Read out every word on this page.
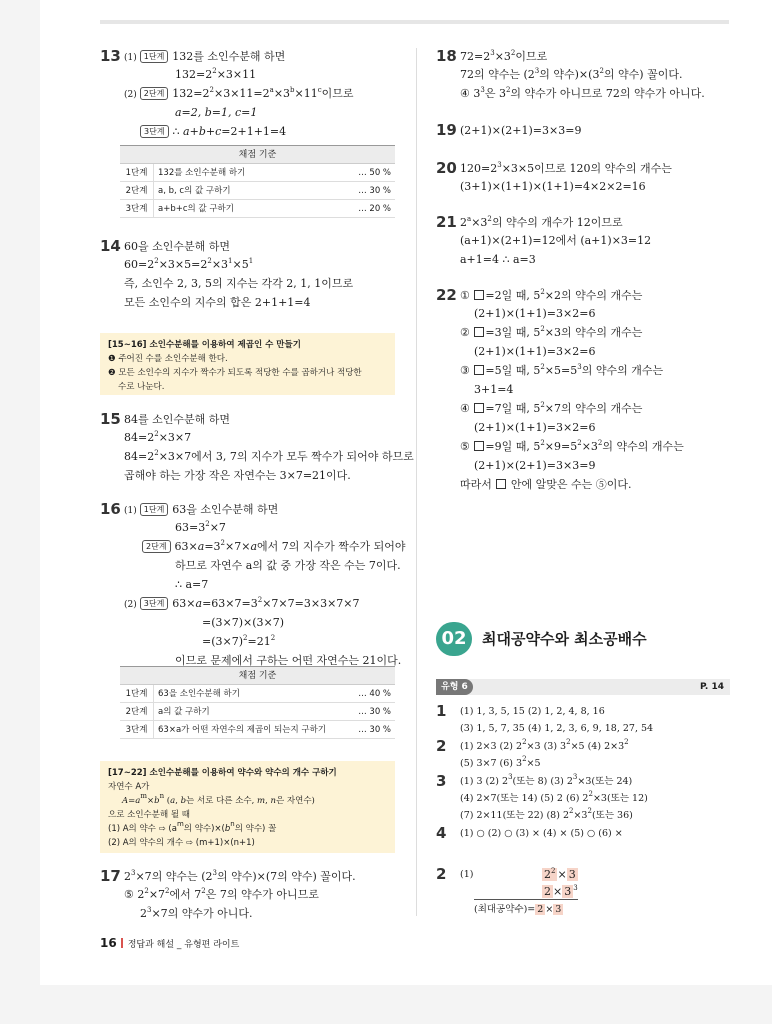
13 (1) 1단계 132를 소인수분해 하면
$132=2^2\times 3\times 11$
(2) 2단계 $132=2^2\times 3\times 11=2^a\times 3^b\times 11^c$이므로
a=2, b=1, c=1
3단계 ∴ a+b+c=2+1+1=4
채점 기준
1단계	132를 소인수분해 하기	… 50 %
2단계	a, b, c의 값 구하기	… 30 %
3단계	a+b+c의 값 구하기	… 20 %
14 60을 소인수분해 하면
$60=2^2\times 3\times 5=2^2\times 3^1\times 5^1$
즉, 소인수 2, 3, 5의 지수는 각각 2, 1, 1이므로
모든 소인수의 지수의 합은 2+1+1=4
[15∼16] 소인수분해를 이용하여 제곱인 수 만들기
❶ 주어진 수를 소인수분해 한다.
❷ 모든 소인수의 지수가 짝수가 되도록 적당한 수를 곱하거나 적당한
수로 나눈다.
15 84를 소인수분해 하면
$84=2^2\times 3\times 7$
$84=2^2\times 3\times 7$에서 3, 7의 지수가 모두 짝수가 되어야 하므로
곱해야 하는 가장 작은 자연수는 3×7=21이다.
16 (1) 1단계 63을 소인수분해 하면
$63=3^2\times 7$
2단계 $63\times a=3^2\times 7\times a$에서 7의 지수가 짝수가 되어야
하므로 자연수 a의 값 중 가장 작은 수는 7이다.
∴ a=7
(2) 3단계 $63\times a=63\times 7=3^2\times 7\times 7=3\times 3\times 7\times 7$
=(3×7)×(3×7)
$=(3\times 7)^2=21^2$
이므로 문제에서 구하는 어떤 자연수는 21이다.
채점 기준
1단계	63을 소인수분해 하기	… 40 %
2단계	a의 값 구하기	… 30 %
3단계	63×a가 어떤 자연수의 제곱이 되는지 구하기	… 30 %
[17∼22] 소인수분해를 이용하여 약수와 약수의 개수 구하기
자연수 A가
$A=a^m\times b^n$ (a, b는 서로 다른 소수, m, n은 자연수)
으로 소인수분해 될 때
(1) A의 약수 ⇨ ($a^m$의 약수)$\times(b^n$의 약수) 꼴
(2) A의 약수의 개수 ⇨ (m+1)×(n+1)
17 $2^3\times 7$의 약수는 ($2^3$의 약수)×(7의 약수) 꼴이다.
⑤ $2^2\times 7^2$에서 $7^2$은 7의 약수가 아니므로
$2^3\times 7$의 약수가 아니다.
18 $72=2^3\times 3^2$이므로
72의 약수는 ($2^3$의 약수)$\times(3^2$의 약수) 꼴이다.
④ $3^3$은 $3^2$의 약수가 아니므로 72의 약수가 아니다.
19 (2+1)×(2+1)=3×3=9
20 $120=2^3\times 3\times 5$이므로 120의 약수의 개수는
(3+1)×(1+1)×(1+1)=4×2×2=16
21 $2^a\times 3^2$의 약수의 개수가 12이므로
(a+1)×(2+1)=12에서 (a+1)×3=12
a+1=4 ∴ a=3
22 ① =2일 때, $5^2\times 2$의 약수의 개수는
(2+1)×(1+1)=3×2=6
② =3일 때, $5^2\times 3$의 약수의 개수는
(2+1)×(1+1)=3×2=6
③ =5일 때, $5^2\times 5=5^3$의 약수의 개수는
3+1=4
④ =7일 때, $5^2\times 7$의 약수의 개수는
(2+1)×(1+1)=3×2=6
⑤ =9일 때, $5^2\times 9=5^2\times 3^2$의 약수의 개수는
(2+1)×(2+1)=3×3=9
따라서  안에 알맞은 수는 ⑤이다.
1 (1) 1, 3, 5, 15 (2) 1, 2, 4, 8, 16
(3) 1, 5, 7, 35 (4) 1, 2, 3, 6, 9, 18, 27, 54
2 (1) 2×3 (2) $2^2\times 3$ (3) $3^2\times 5$ (4) $2\times 3^2$
(5) 3×7 (6) $3^2\times 5$
3 (1) 3 (2) $2^3$(또는 8) (3) $2^3\times 3$(또는 24)
(4) 2×7(또는 14) (5) 2 (6) $2^2\times 3$(또는 12)
(7) 2×11(또는 22) (8) $2^2\times 3^2$(또는 36)
4 (1) ○ (2) ○ (3) × (4) × (5) ○ (6) ×
2 (1)	$2^2 \times 3$
2 × 3 $^3$
(최대공약수)= 2 × 3
02	최대공약수와 최소공배수
유형 6	P. 14
16 정답과 해설 _ 유형편 라이트
